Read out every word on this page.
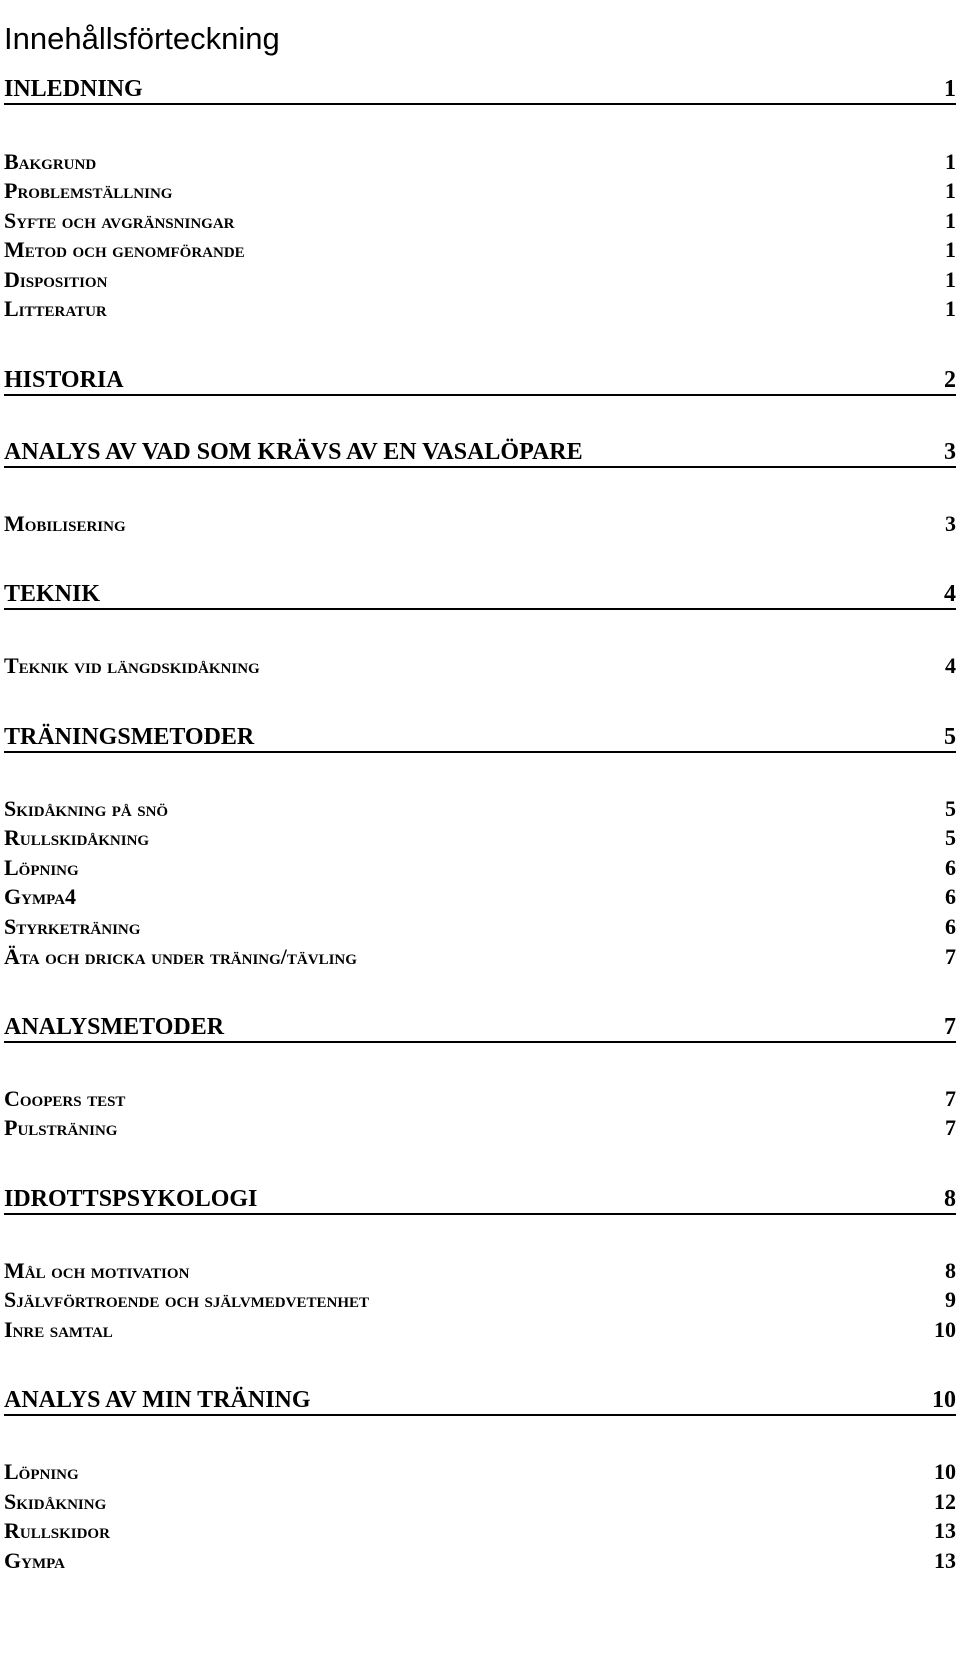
Innehållsförteckning
INLEDNING	1
Bakgrund	1
Problemställning	1
Syfte och avgränsningar	1
Metod och genomförande	1
Disposition	1
Litteratur	1
HISTORIA	2
ANALYS AV VAD SOM KRÄVS AV EN VASALÖPARE	3
Mobilisering	3
TEKNIK	4
Teknik vid längdskidåkning	4
TRÄNINGSMETODER	5
Skidåkning på snö	5
Rullskidåkning	5
Löpning	6
Gympa4	6
Styrketräning	6
Äta och dricka under träning/tävling	7
ANALYSMETODER	7
Coopers test	7
Pulsträning	7
IDROTTSPSYKOLOGI	8
Mål och motivation	8
Självförtroende och självmedvetenhet	9
Inre samtal	10
ANALYS AV MIN TRÄNING	10
Löpning	10
Skidåkning	12
Rullskidor	13
Gympa	13
